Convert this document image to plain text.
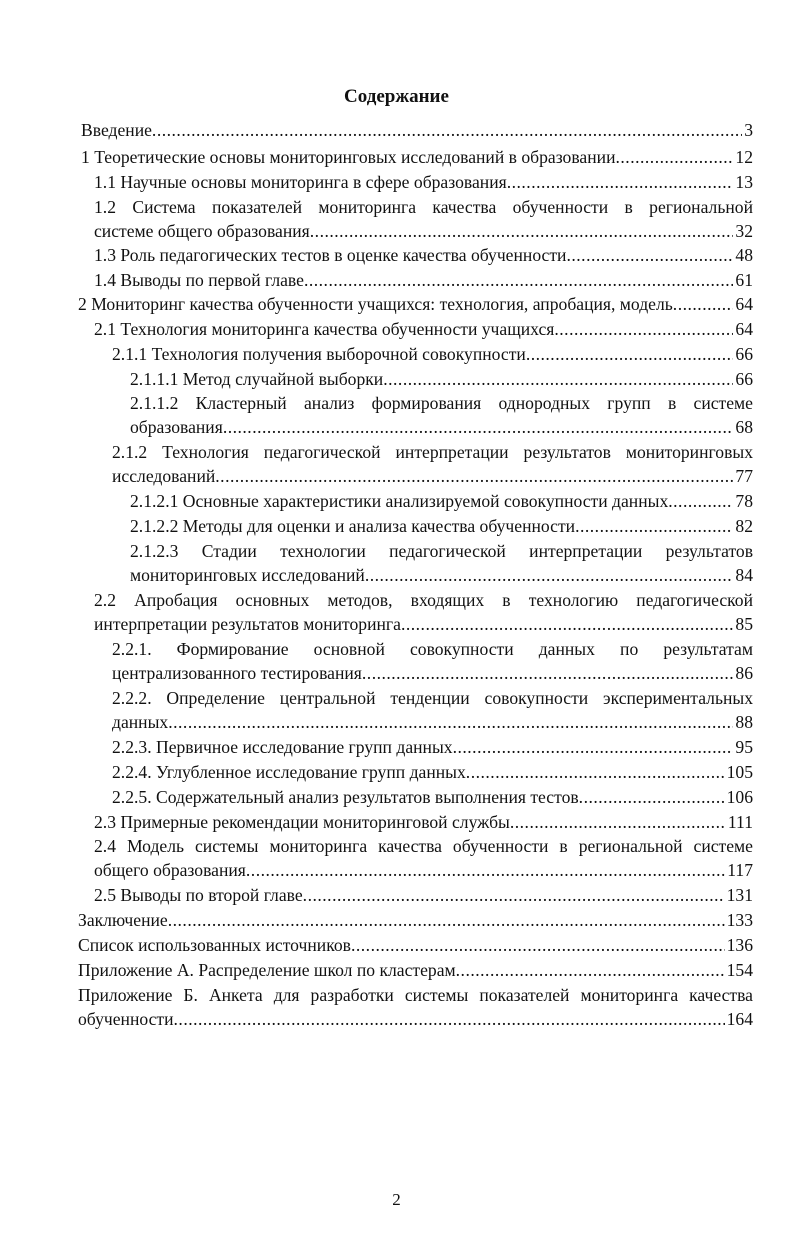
Содержание
Введение .....	3
1 Теоретические основы мониторинговых исследований в образовании .....	12
1.1 Научные основы мониторинга в сфере образования .....	13
1.2 Система показателей мониторинга качества обученности в региональной
системе общего образования .....	32
1.3 Роль педагогических тестов в оценке качества обученности .....	48
1.4 Выводы по первой главе .....	61
2 Мониторинг качества обученности учащихся: технология, апробация, модель .....	64
2.1 Технология мониторинга качества обученности учащихся .....	64
2.1.1 Технология получения выборочной совокупности .....	66
2.1.1.1 Метод случайной выборки .....	66
2.1.1.2 Кластерный анализ формирования однородных групп в системе
образования .....	68
2.1.2 Технология педагогической интерпретации результатов мониторинговых
исследований .....	77
2.1.2.1 Основные характеристики анализируемой совокупности данных .....	78
2.1.2.2 Методы для оценки и анализа качества обученности .....	82
2.1.2.3 Стадии технологии педагогической интерпретации результатов
мониторинговых исследований .....	84
2.2 Апробация основных методов, входящих в технологию педагогической
интерпретации результатов мониторинга .....	85
2.2.1. Формирование основной совокупности данных по результатам
централизованного тестирования .....	86
2.2.2. Определение центральной тенденции совокупности экспериментальных
данных .....	88
2.2.3. Первичное исследование групп данных .....	95
2.2.4. Углубленное исследование групп данных .....	105
2.2.5. Содержательный анализ результатов выполнения тестов .....	106
2.3 Примерные рекомендации мониторинговой службы .....	111
2.4 Модель системы мониторинга качества обученности в региональной системе
общего образования .....	117
2.5 Выводы по второй главе .....	131
Заключение .....	133
Список использованных источников .....	136
Приложение А. Распределение школ по кластерам .....	154
Приложение Б. Анкета для разработки системы показателей мониторинга качества
обученности .....	164
2
